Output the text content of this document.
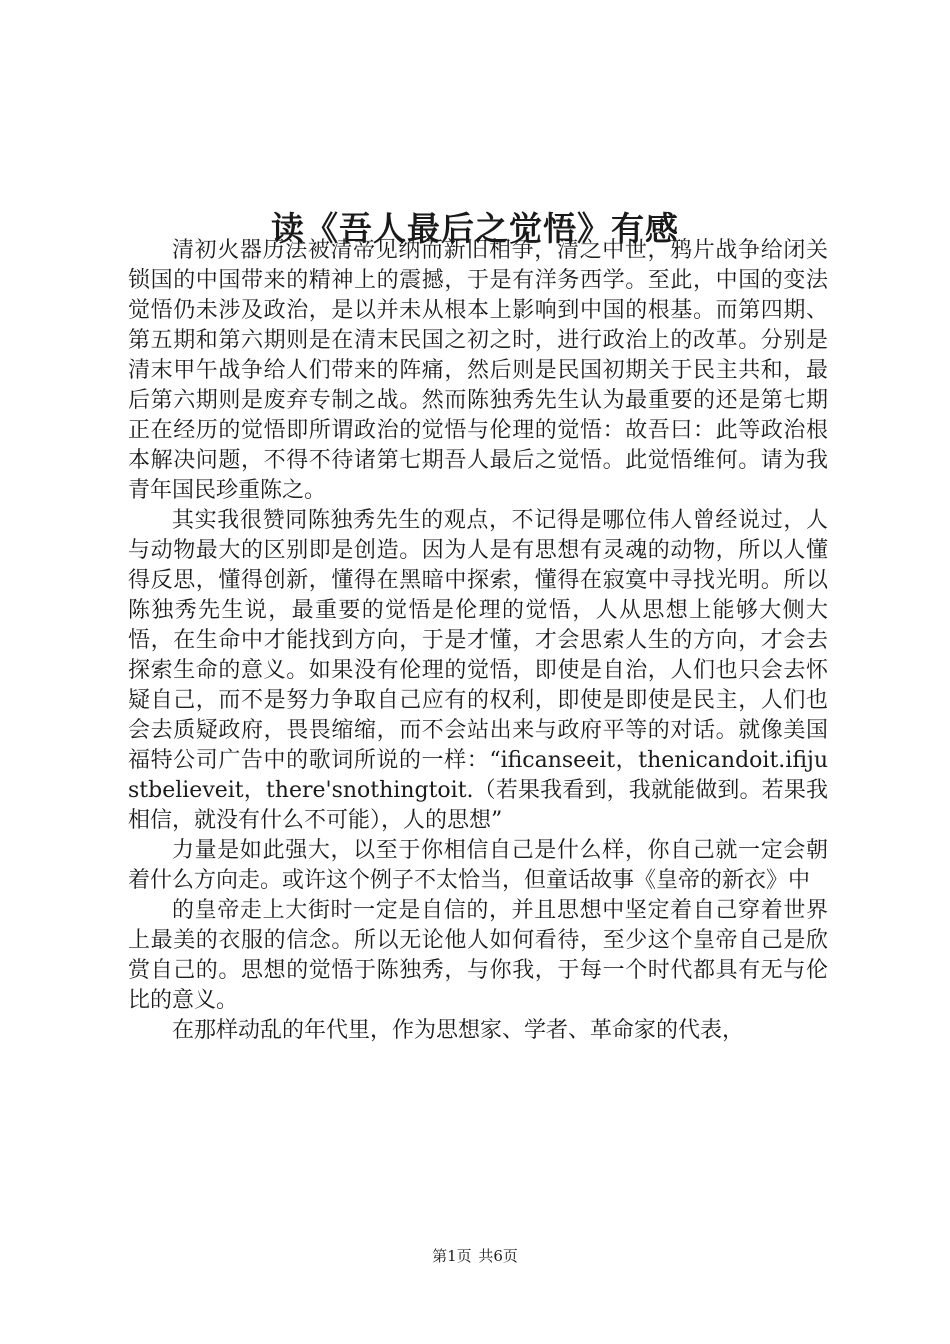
读《吾人最后之觉悟》有感

清初火器历法被清帝见纳而新旧相争，清之中世，鸦片战争给闭关锁国的中国带来的精神上的震撼，于是有洋务西学。至此，中国的变法觉悟仍未涉及政治，是以并未从根本上影响到中国的根基。而第四期、第五期和第六期则是在清末民国之初之时，进行政治上的改革。分别是清末甲午战争给人们带来的阵痛，然后则是民国初期关于民主共和，最后第六期则是废弃专制之战。然而陈独秀先生认为最重要的还是第七期正在经历的觉悟即所谓政治的觉悟与伦理的觉悟：故吾曰：此等政治根本解决问题，不得不待诸第七期吾人最后之觉悟。此觉悟维何。请为我青年国民珍重陈之。

其实我很赞同陈独秀先生的观点，不记得是哪位伟人曾经说过，人与动物最大的区别即是创造。因为人是有思想有灵魂的动物，所以人懂得反思，懂得创新，懂得在黑暗中探索，懂得在寂寞中寻找光明。所以陈独秀先生说，最重要的觉悟是伦理的觉悟，人从思想上能够大侧大悟，在生命中才能找到方向，于是才懂，才会思索人生的方向，才会去探索生命的意义。如果没有伦理的觉悟，即使是自治，人们也只会去怀疑自己，而不是努力争取自己应有的权利，即使是即使是民主，人们也会去质疑政府，畏畏缩缩，而不会站出来与政府平等的对话。就像美国福特公司广告中的歌词所说的一样：“ificanseeit，thenicandoit.ifijustbelieveit，there'snothingtoit.（若果我看到，我就能做到。若果我相信，就没有什么不可能），人的思想”

力量是如此强大，以至于你相信自己是什么样，你自己就一定会朝着什么方向走。或许这个例子不太恰当，但童话故事《皇帝的新衣》中

的皇帝走上大街时一定是自信的，并且思想中坚定着自己穿着世界上最美的衣服的信念。所以无论他人如何看待，至少这个皇帝自己是欣赏自己的。思想的觉悟于陈独秀，与你我，于每一个时代都具有无与伦比的意义。

在那样动乱的年代里，作为思想家、学者、革命家的代表，

第1页 共6页
